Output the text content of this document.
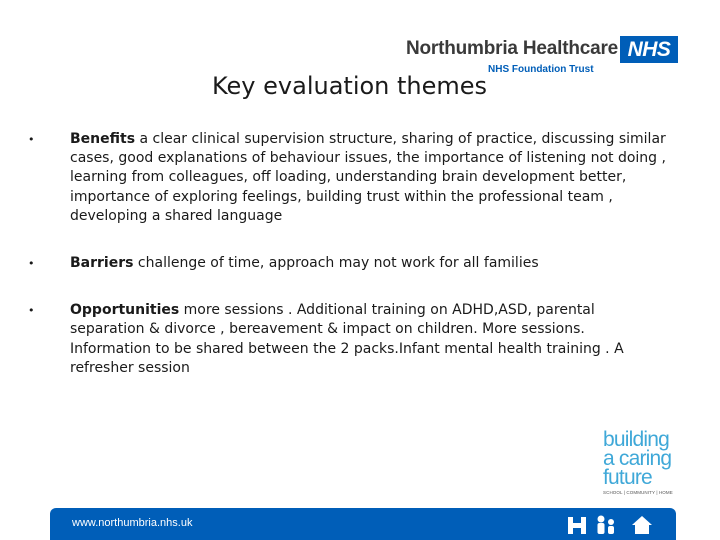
Northumbria Healthcare NHS
NHS Foundation Trust
Key evaluation themes
•	Benefits a clear clinical supervision structure, sharing of practice, discussing similar cases, good explanations of behaviour issues, the importance of listening not doing , learning from colleagues, off loading, understanding brain development better, importance of exploring feelings, building trust within the professional team , developing a shared language
•	Barriers challenge of time, approach may not work for all families
•	Opportunities more sessions . Additional training on ADHD,ASD, parental separation & divorce , bereavement & impact on children. More sessions. Information to be shared between the 2 packs.Infant mental health training . A refresher session
building
a caring
future
SCHOOL | COMMUNITY | HOME
www.northumbria.nhs.uk
